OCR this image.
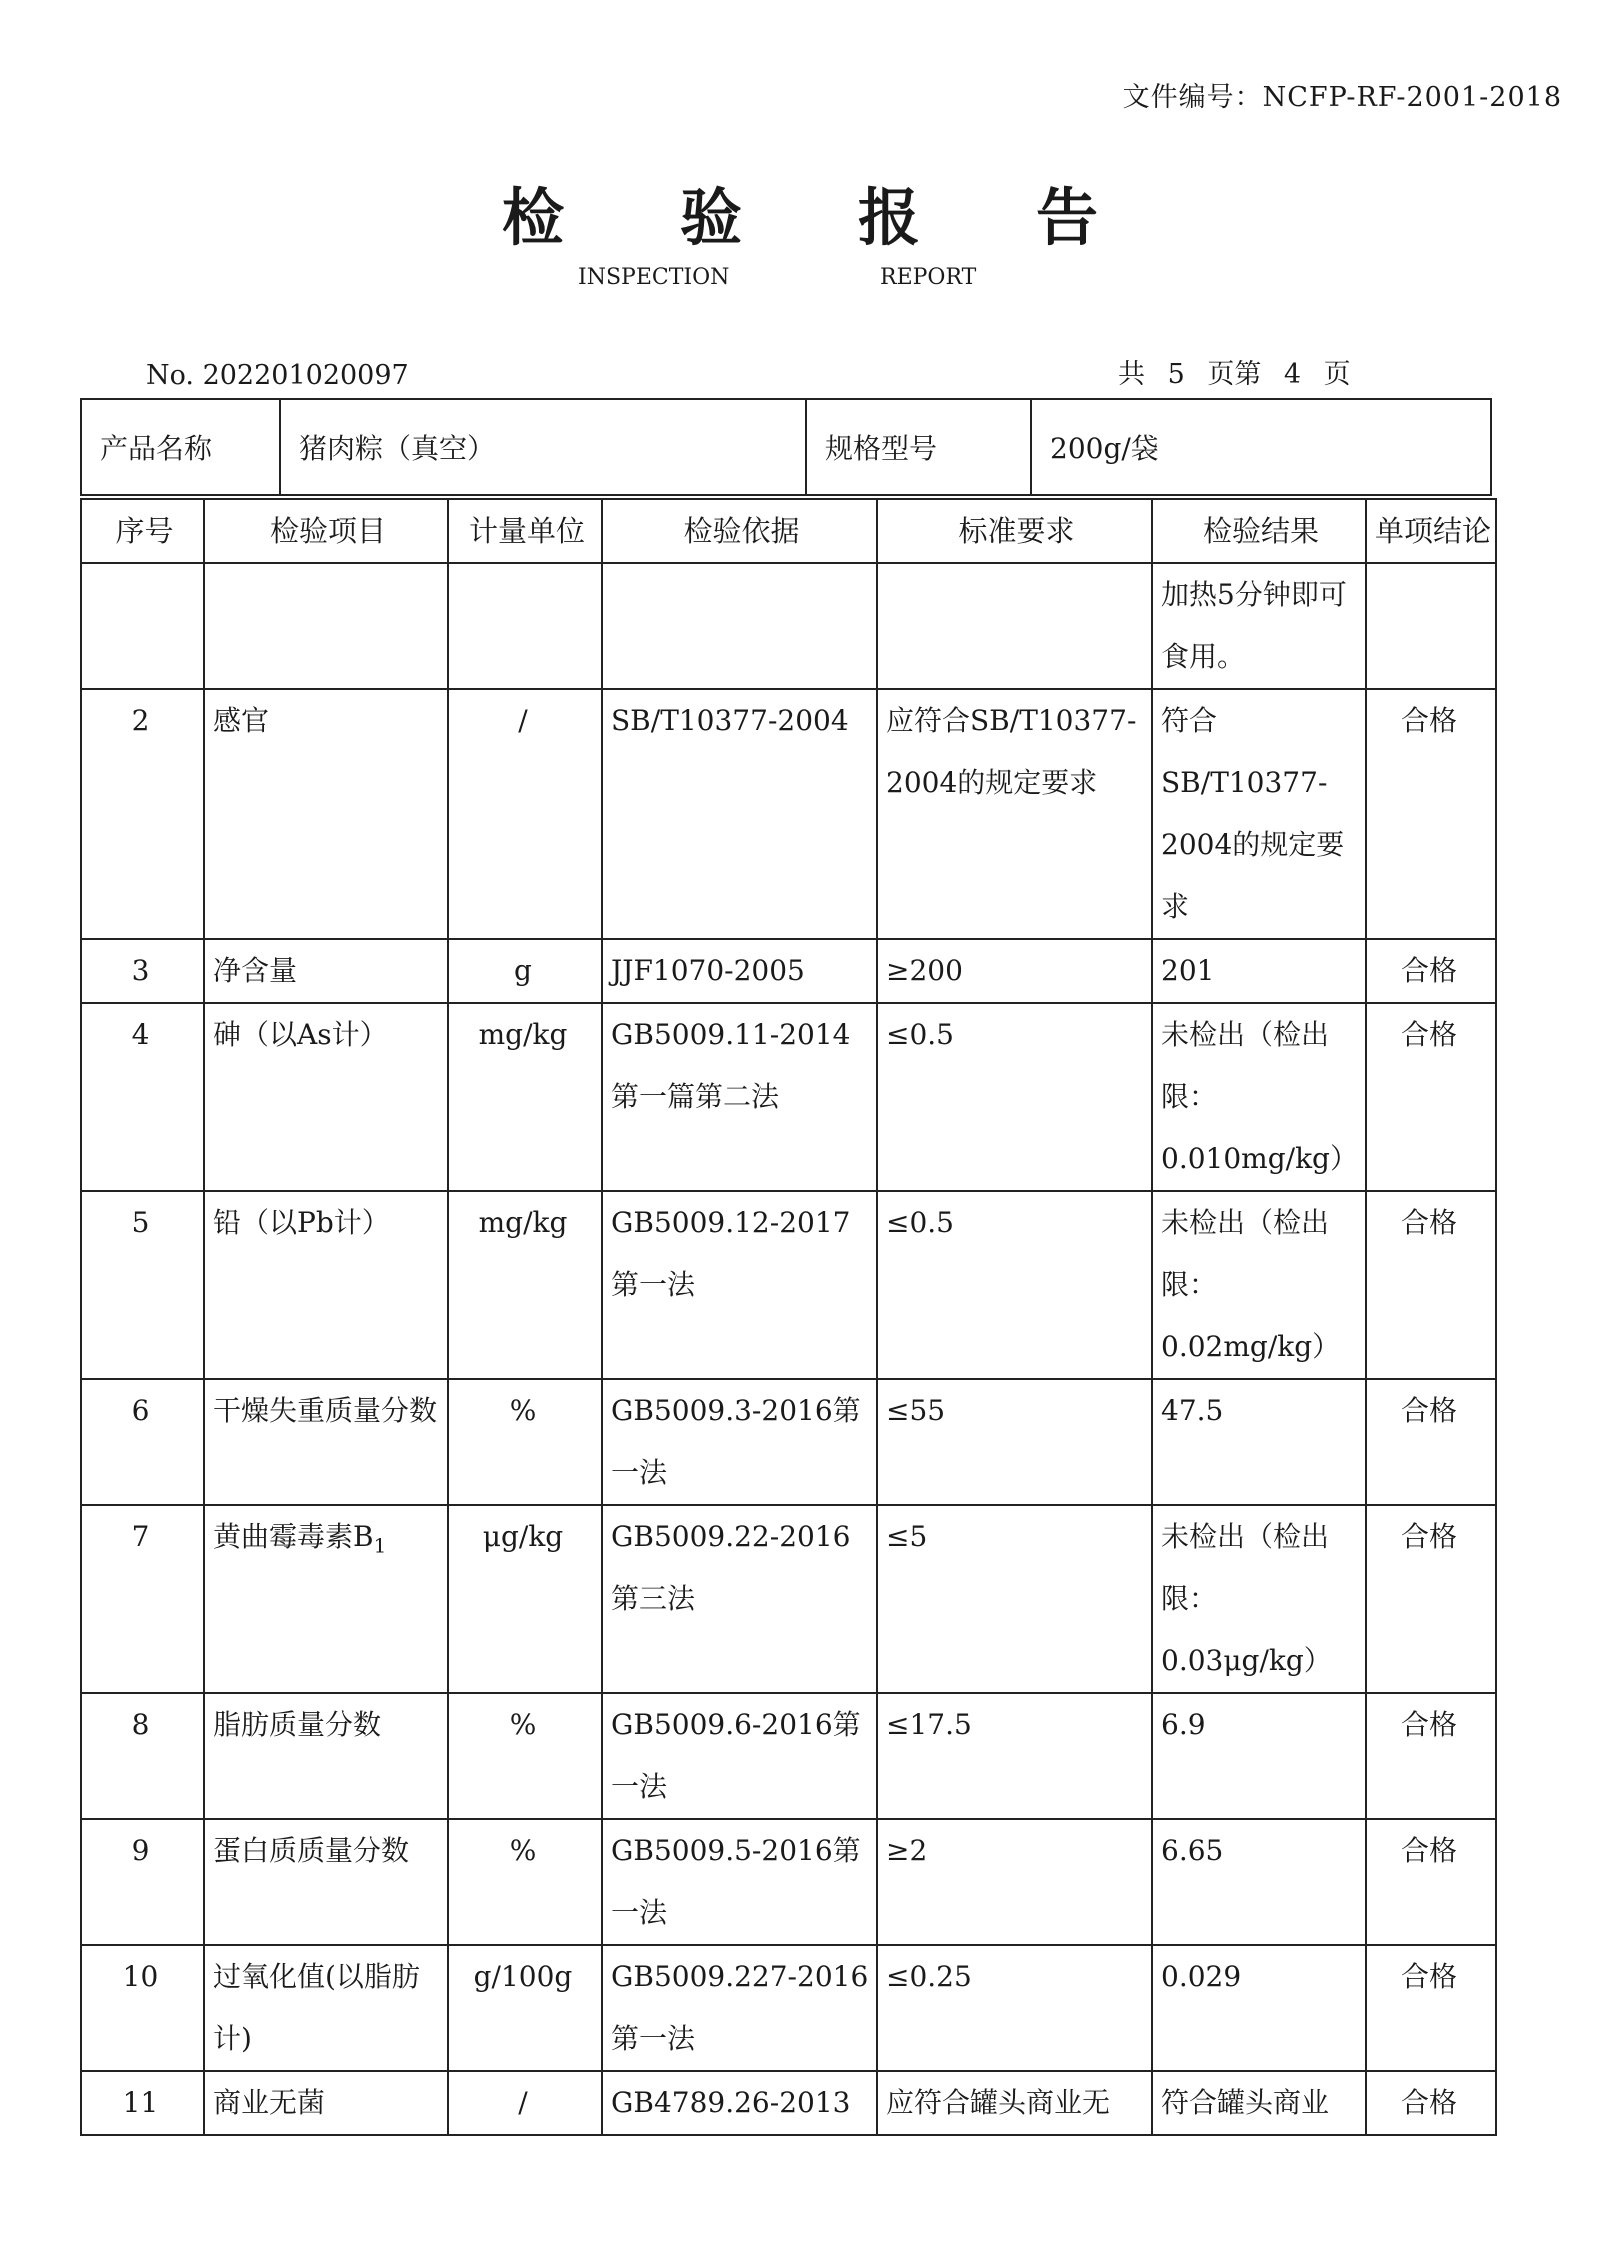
文件编号：NCFP-RF-2001-2018
检 验 报 告
INSPECTION	REPORT
No. 202201020097	共 5 页第 4 页
产品名称	猪肉粽（真空）	规格型号	200g/袋
序号	检验项目	计量单位	检验依据	标准要求	检验结果	单项结论
					加热5分钟即可食用。	
2	感官	/	SB/T10377-2004	应符合SB/T10377-2004的规定要求	符合SB/T10377-2004的规定要求	合格
3	净含量	g	JJF1070-2005	≥200	201	合格
4	砷（以As计）	mg/kg	GB5009.11-2014第一篇第二法	≤0.5	未检出（检出限：0.010mg/kg）	合格
5	铅（以Pb计）	mg/kg	GB5009.12-2017第一法	≤0.5	未检出（检出限：0.02mg/kg）	合格
6	干燥失重质量分数	%	GB5009.3-2016第一法	≤55	47.5	合格
7	黄曲霉毒素$B_1$	μg/kg	GB5009.22-2016第三法	≤5	未检出（检出限：0.03μg/kg）	合格
8	脂肪质量分数	%	GB5009.6-2016第一法	≤17.5	6.9	合格
9	蛋白质质量分数	%	GB5009.5-2016第一法	≥2	6.65	合格
10	过氧化值(以脂肪计)	g/100g	GB5009.227-2016第一法	≤0.25	0.029	合格
11	商业无菌	/	GB4789.26-2013	应符合罐头商业无	符合罐头商业	合格
